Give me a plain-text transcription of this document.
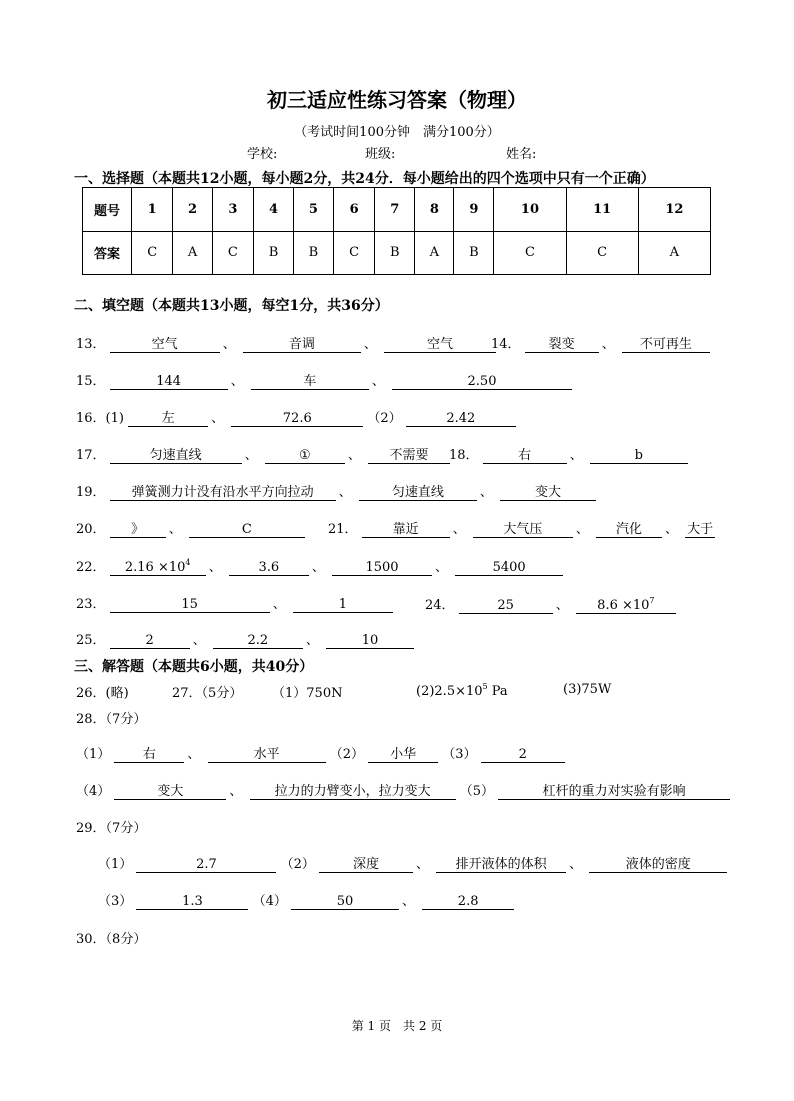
初三适应性练习答案（物理）
（考试时间100分钟　满分100分）
学校:	班级:	姓名:
一、选择题（本题共12小题，每小题2分，共24分．每小题给出的四个选项中只有一个正确）
题号	1	2	3	4	5	6	7	8	9	10	11	12
答案	C	A	C	B	B	C	B	A	B	C	C	A
二、填空题（本题共13小题，每空1分，共36分）
13．	空气	、	音调	、	空气	14． 裂变 、 不可再生
15．	144	、	车	、	2.50
16．(1)	左	、	72.6	（2）	2.42
17．	匀速直线	、	①	、 不需要	18．	右	、	b
19． 弹簧测力计没有沿水平方向拉动 、	匀速直线	、	变大
20． 》 、	C	21．	靠近	、	大气压	、 汽化 、 大于
22． $2.16 \times 10^4$ 、	3.6	、	1500	、	5400
23．	15	、	1	24．	25	、 $8.6 \times 10^7$
25．	2	、	2.2	、	10
三、解答题（本题共6小题，共40分）
26．(略)	27．（5分） （1）750N	$(2)2.5\times 10^5$ Pa	(3)75W
28．（7分）
（1）	右 、	水平	（2） 小华 （3）	2
（4）	变大	、 拉力的力臂变小，拉力变大 （5）	杠杆的重力对实验有影响
29．（7分）
（1）	2.7	（2）	深度	、 排开液体的体积 、	液体的密度
（3）	1.3	（4）	50	、	2.8
30．（8分）
第 1 页　共 2 页
